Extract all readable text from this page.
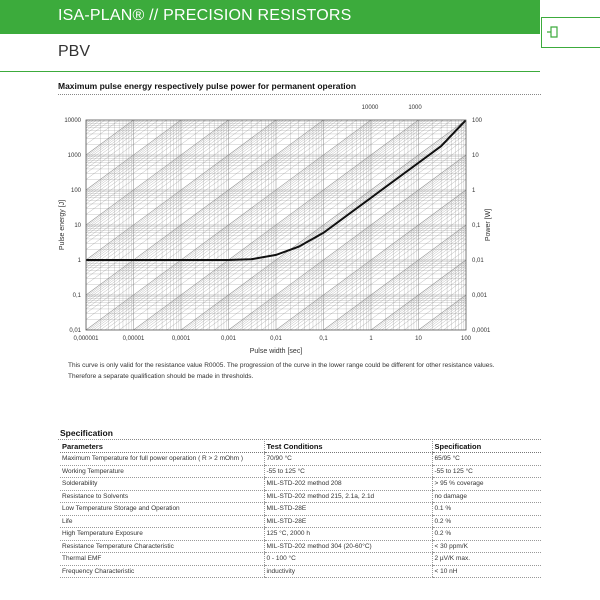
ISA-PLAN® // PRECISION RESISTORS
PBV
Maximum pulse energy respectively pulse power for permanent operation
0,000001	0,00001	0,0001	0,001	0,01	0,1	1	10	100
0,01
0,1
1
10
100
1000
10000
0,0001
0,001
0,01
0,1
1
10
100
10000	1000
Pulse width [sec]
Pulse energy [J]	Power [W]
This curve is only valid for the resistance value R0005. The progression of the curve in the lower range could be different for other resistance values.
Therefore a separate qualification should be made in thresholds.
Specification
Parameters	Test Conditions	Specification
Maximum Temperature for full power operation ( R > 2 mOhm )	70/90 °C	65/95 °C
Working Temperature	-55 to 125 °C	-55 to 125 °C
Solderability	MIL-STD-202 method 208	> 95 % coverage
Resistance to Solvents	MIL-STD-202 method 215, 2.1a, 2.1d	no damage
Low Temperature Storage and Operation	MIL-STD-28E	0.1 %
Life	MIL-STD-28E	0.2 %
High Temperature Exposure	125 °C, 2000 h	0.2 %
Resistance Temperature Characteristic	MIL-STD-202 method 304 (20-60°C)	< 30 ppm/K
Thermal EMF	0 - 100 °C	2 µV/K max.
Frequency Characteristic	inductivity	< 10 nH
